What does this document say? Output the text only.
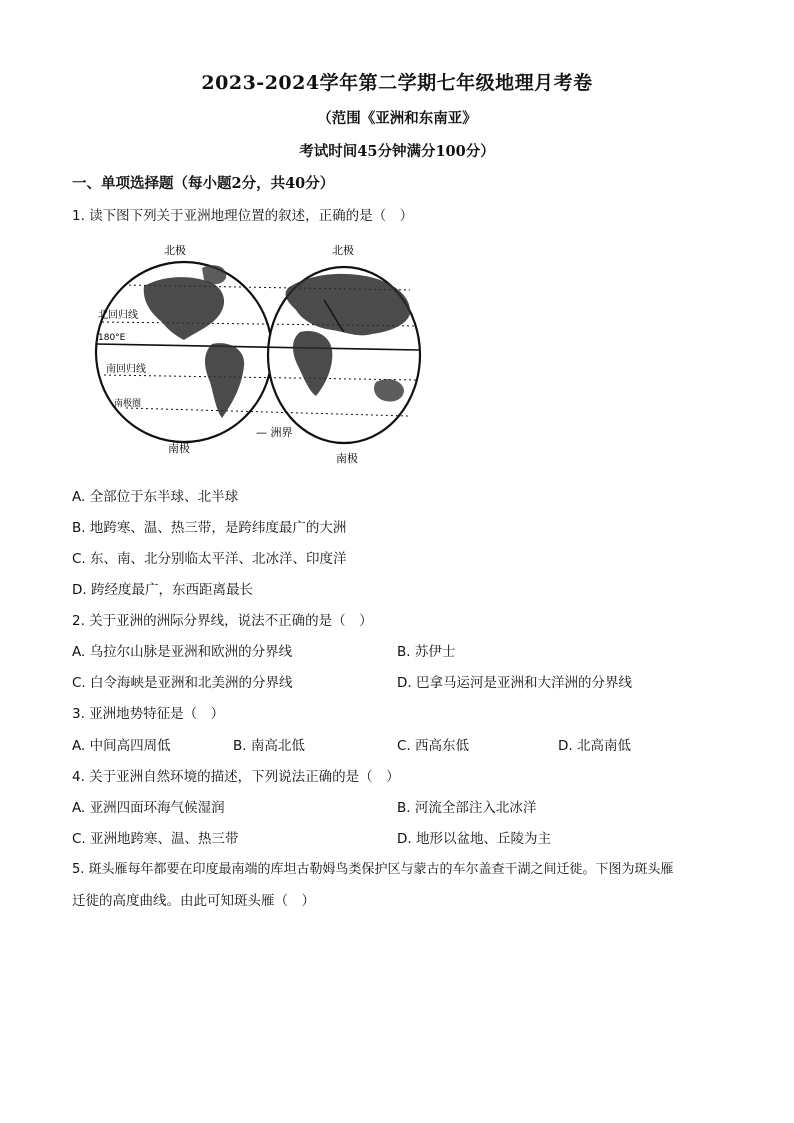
2023-2024学年第二学期七年级地理月考卷
（范围《亚洲和东南亚》
考试时间45分钟满分100分）
一、单项选择题（每小题2分，共40分）
1. 读下图下列关于亚洲地理位置的叙述，正确的是（　）
北极	北极
北回归线
180°E
南回归线
南极圈
南极
— 洲界
南极
A. 全部位于东半球、北半球
B. 地跨寒、温、热三带，是跨纬度最广的大洲
C. 东、南、北分别临太平洋、北冰洋、印度洋
D. 跨经度最广，东西距离最长
2. 关于亚洲的洲际分界线，说法不正确的是（　）
A. 乌拉尔山脉是亚洲和欧洲的分界线	B. 苏伊士
C. 白令海峡是亚洲和北美洲的分界线	D. 巴拿马运河是亚洲和大洋洲的分界线
3. 亚洲地势特征是（　）
A. 中间高四周低	B. 南高北低	C. 西高东低	D. 北高南低
4. 关于亚洲自然环境的描述，下列说法正确的是（　）
A. 亚洲四面环海气候湿润	B. 河流全部注入北冰洋
C. 亚洲地跨寒、温、热三带	D. 地形以盆地、丘陵为主
5. 斑头雁每年都要在印度最南端的库坦古勒姆鸟类保护区与蒙古的车尔盖查干湖之间迁徙。下图为斑头雁
迁徙的高度曲线。由此可知斑头雁（　）
